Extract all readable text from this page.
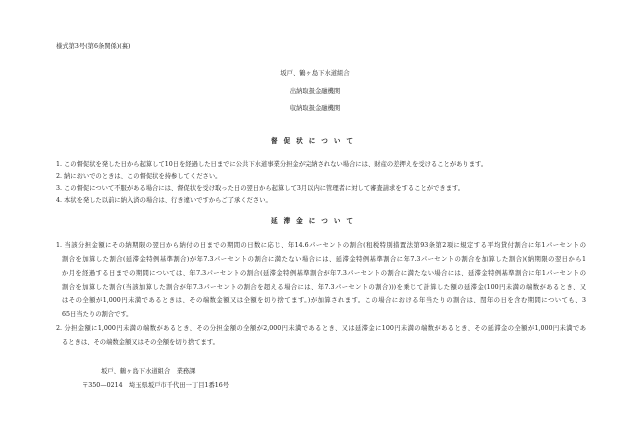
様式第3号(第6条関係)(裏)
坂戸、鶴ヶ島下水道組合
出納取扱金融機関
収納取扱金融機関
督促状について
1. この督促状を発した日から起算して10日を経過した日までに公共下水道事業分担金が完納されない場合には、財産の差押えを受けることがあります。
2. 納においでのときは、この督促状を持参してください。
3. この督促について不服がある場合には、督促状を受け取った日の翌日から起算して3月以内に管理者に対して審査請求をすることができます。
4. 本状を発した以前に納入済の場合は、行き違いですからご了承ください。
延滞金について
1. 当該分担金額にその納期限の翌日から納付の日までの期間の日数に応じ、年14.6パーセントの割合(租税特別措置法第93条第2項に規定する平均貸付割合に年1パーセントの
割合を加算した割合(延滞金特例基準割合)が年7.3パーセントの割合に満たない場合には、延滞金特例基準割合に年7.3パーセントの割合を加算した割合)(納期限の翌日から1
か月を経過する日までの期間については、年7.3パーセントの割合(延滞金特例基準割合が年7.3パーセントの割合に満たない場合には、延滞金特例基準割合に年1パーセントの
割合を加算した割合(当該加算した割合が年7.3パーセントの割合を超える場合には、年7.3パーセントの割合)))を乗じて計算した額の延滞金(100円未満の端数があるとき、又
はその全額が1,000円未満であるときは、その端数金額又は全額を切り捨てます。)が加算されます。この場合における年当たりの割合は、閏年の日を含む期間についても、3
65日当たりの割合です。
2. 分担金額に1,000円未満の端数があるとき、その分担金額の全額が2,000円未満であるとき、又は延滞金に100円未満の端数があるとき、その延滞金の全額が1,000円未満であ
るときは、その端数金額又はその全額を切り捨てます。
坂戸、鶴ヶ島下水道組合　業務課
〒350—0214　埼玉県坂戸市千代田一丁目1番16号
